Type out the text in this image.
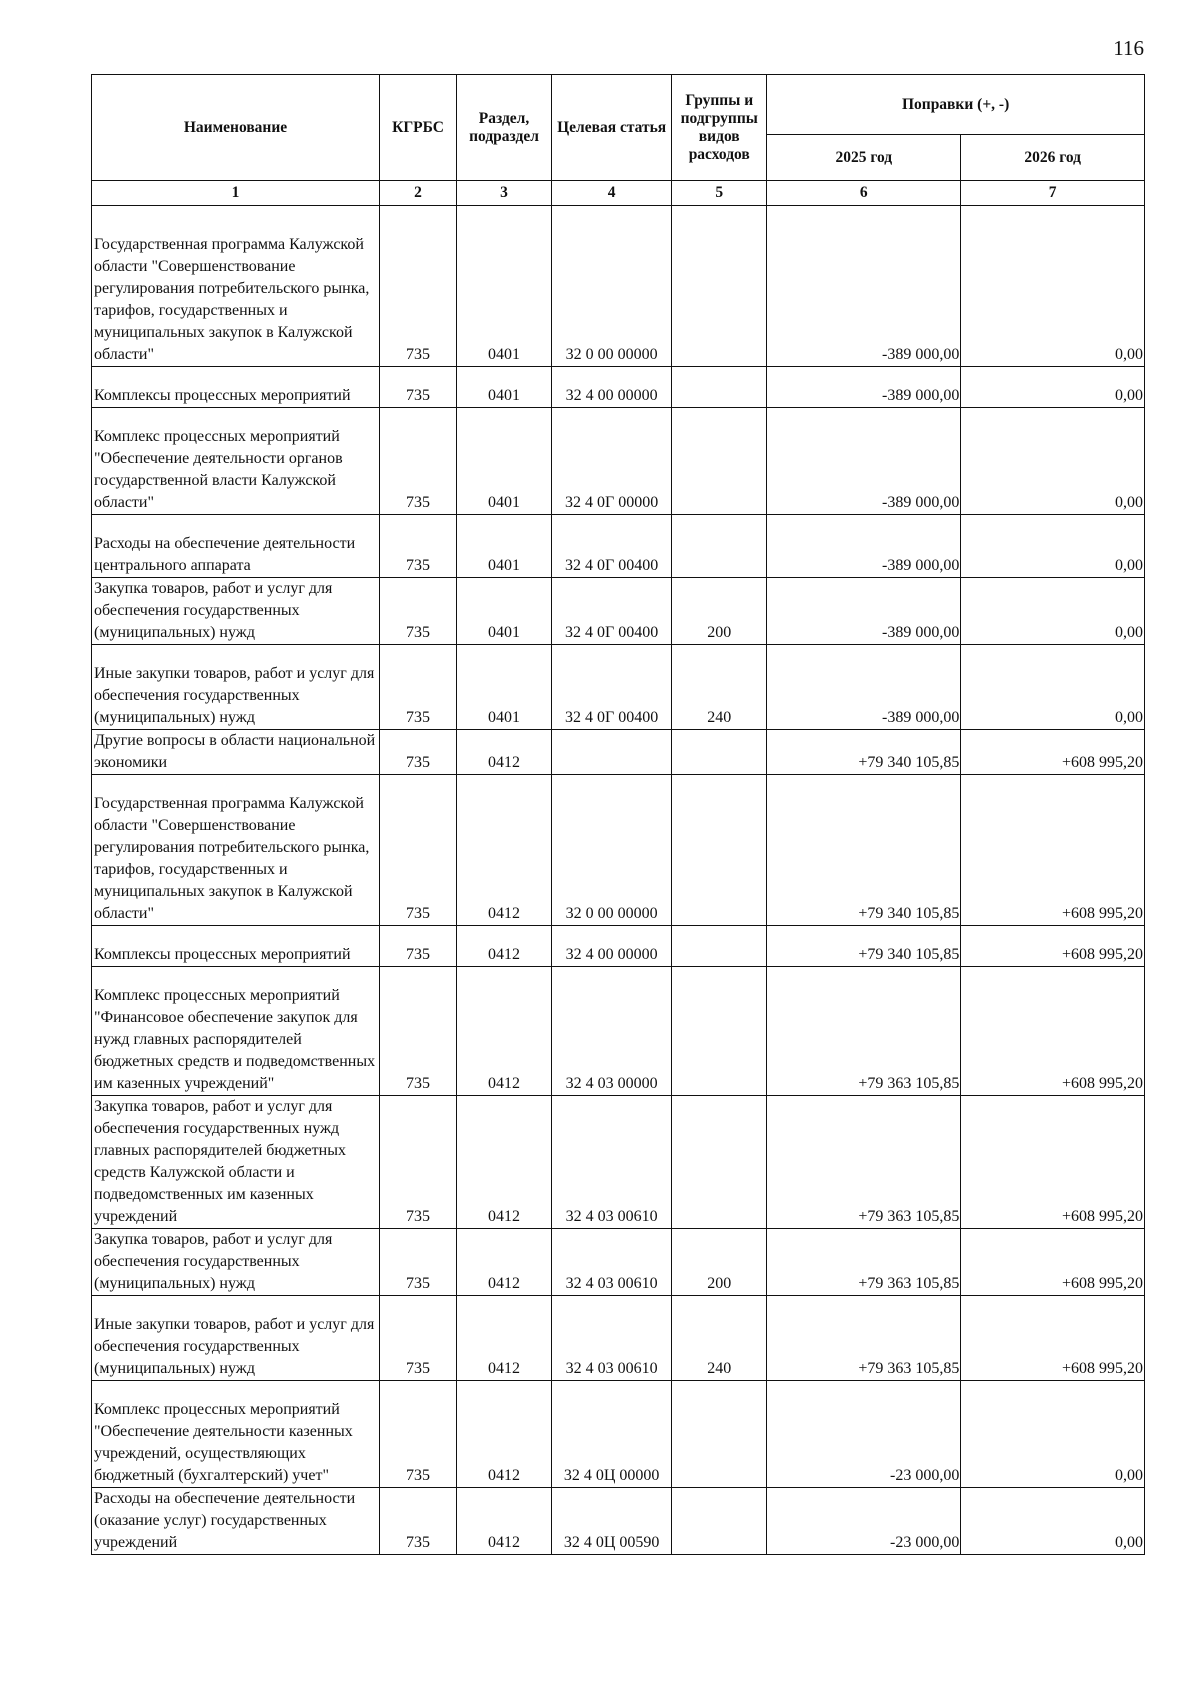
116
Наименование	КГРБС	Раздел, подраздел	Целевая статья	Группы и подгруппы видов расходов	Поправки (+, -)	
					2025 год	2026 год
1	2	3	4	5	6	7
Государственная программа Калужской области "Совершенствование регулирования потребительского рынка, тарифов, государственных и муниципальных закупок в Калужской области"	735	0401	32 0 00 00000		-389 000,00	0,00
Комплексы процессных мероприятий	735	0401	32 4 00 00000		-389 000,00	0,00
Комплекс процессных мероприятий "Обеспечение деятельности органов государственной власти Калужской области"	735	0401	32 4 0Г 00000		-389 000,00	0,00
Расходы на обеспечение деятельности центрального аппарата	735	0401	32 4 0Г 00400		-389 000,00	0,00
Закупка товаров, работ и услуг для обеспечения государственных (муниципальных) нужд	735	0401	32 4 0Г 00400	200	-389 000,00	0,00
Иные закупки товаров, работ и услуг для обеспечения государственных (муниципальных) нужд	735	0401	32 4 0Г 00400	240	-389 000,00	0,00
Другие вопросы в области национальной экономики	735	0412			+79 340 105,85	+608 995,20
Государственная программа Калужской области "Совершенствование регулирования потребительского рынка, тарифов, государственных и муниципальных закупок в Калужской области"	735	0412	32 0 00 00000		+79 340 105,85	+608 995,20
Комплексы процессных мероприятий	735	0412	32 4 00 00000		+79 340 105,85	+608 995,20
Комплекс процессных мероприятий "Финансовое обеспечение закупок для нужд главных распорядителей бюджетных средств и подведомственных им казенных учреждений"	735	0412	32 4 03 00000		+79 363 105,85	+608 995,20
Закупка товаров, работ и услуг для обеспечения государственных нужд главных распорядителей бюджетных средств Калужской области и подведомственных им казенных учреждений	735	0412	32 4 03 00610		+79 363 105,85	+608 995,20
Закупка товаров, работ и услуг для обеспечения государственных (муниципальных) нужд	735	0412	32 4 03 00610	200	+79 363 105,85	+608 995,20
Иные закупки товаров, работ и услуг для обеспечения государственных (муниципальных) нужд	735	0412	32 4 03 00610	240	+79 363 105,85	+608 995,20
Комплекс процессных мероприятий "Обеспечение деятельности казенных учреждений, осуществляющих бюджетный (бухгалтерский) учет"	735	0412	32 4 0Ц 00000		-23 000,00	0,00
Расходы на обеспечение деятельности (оказание услуг) государственных учреждений	735	0412	32 4 0Ц 00590		-23 000,00	0,00
